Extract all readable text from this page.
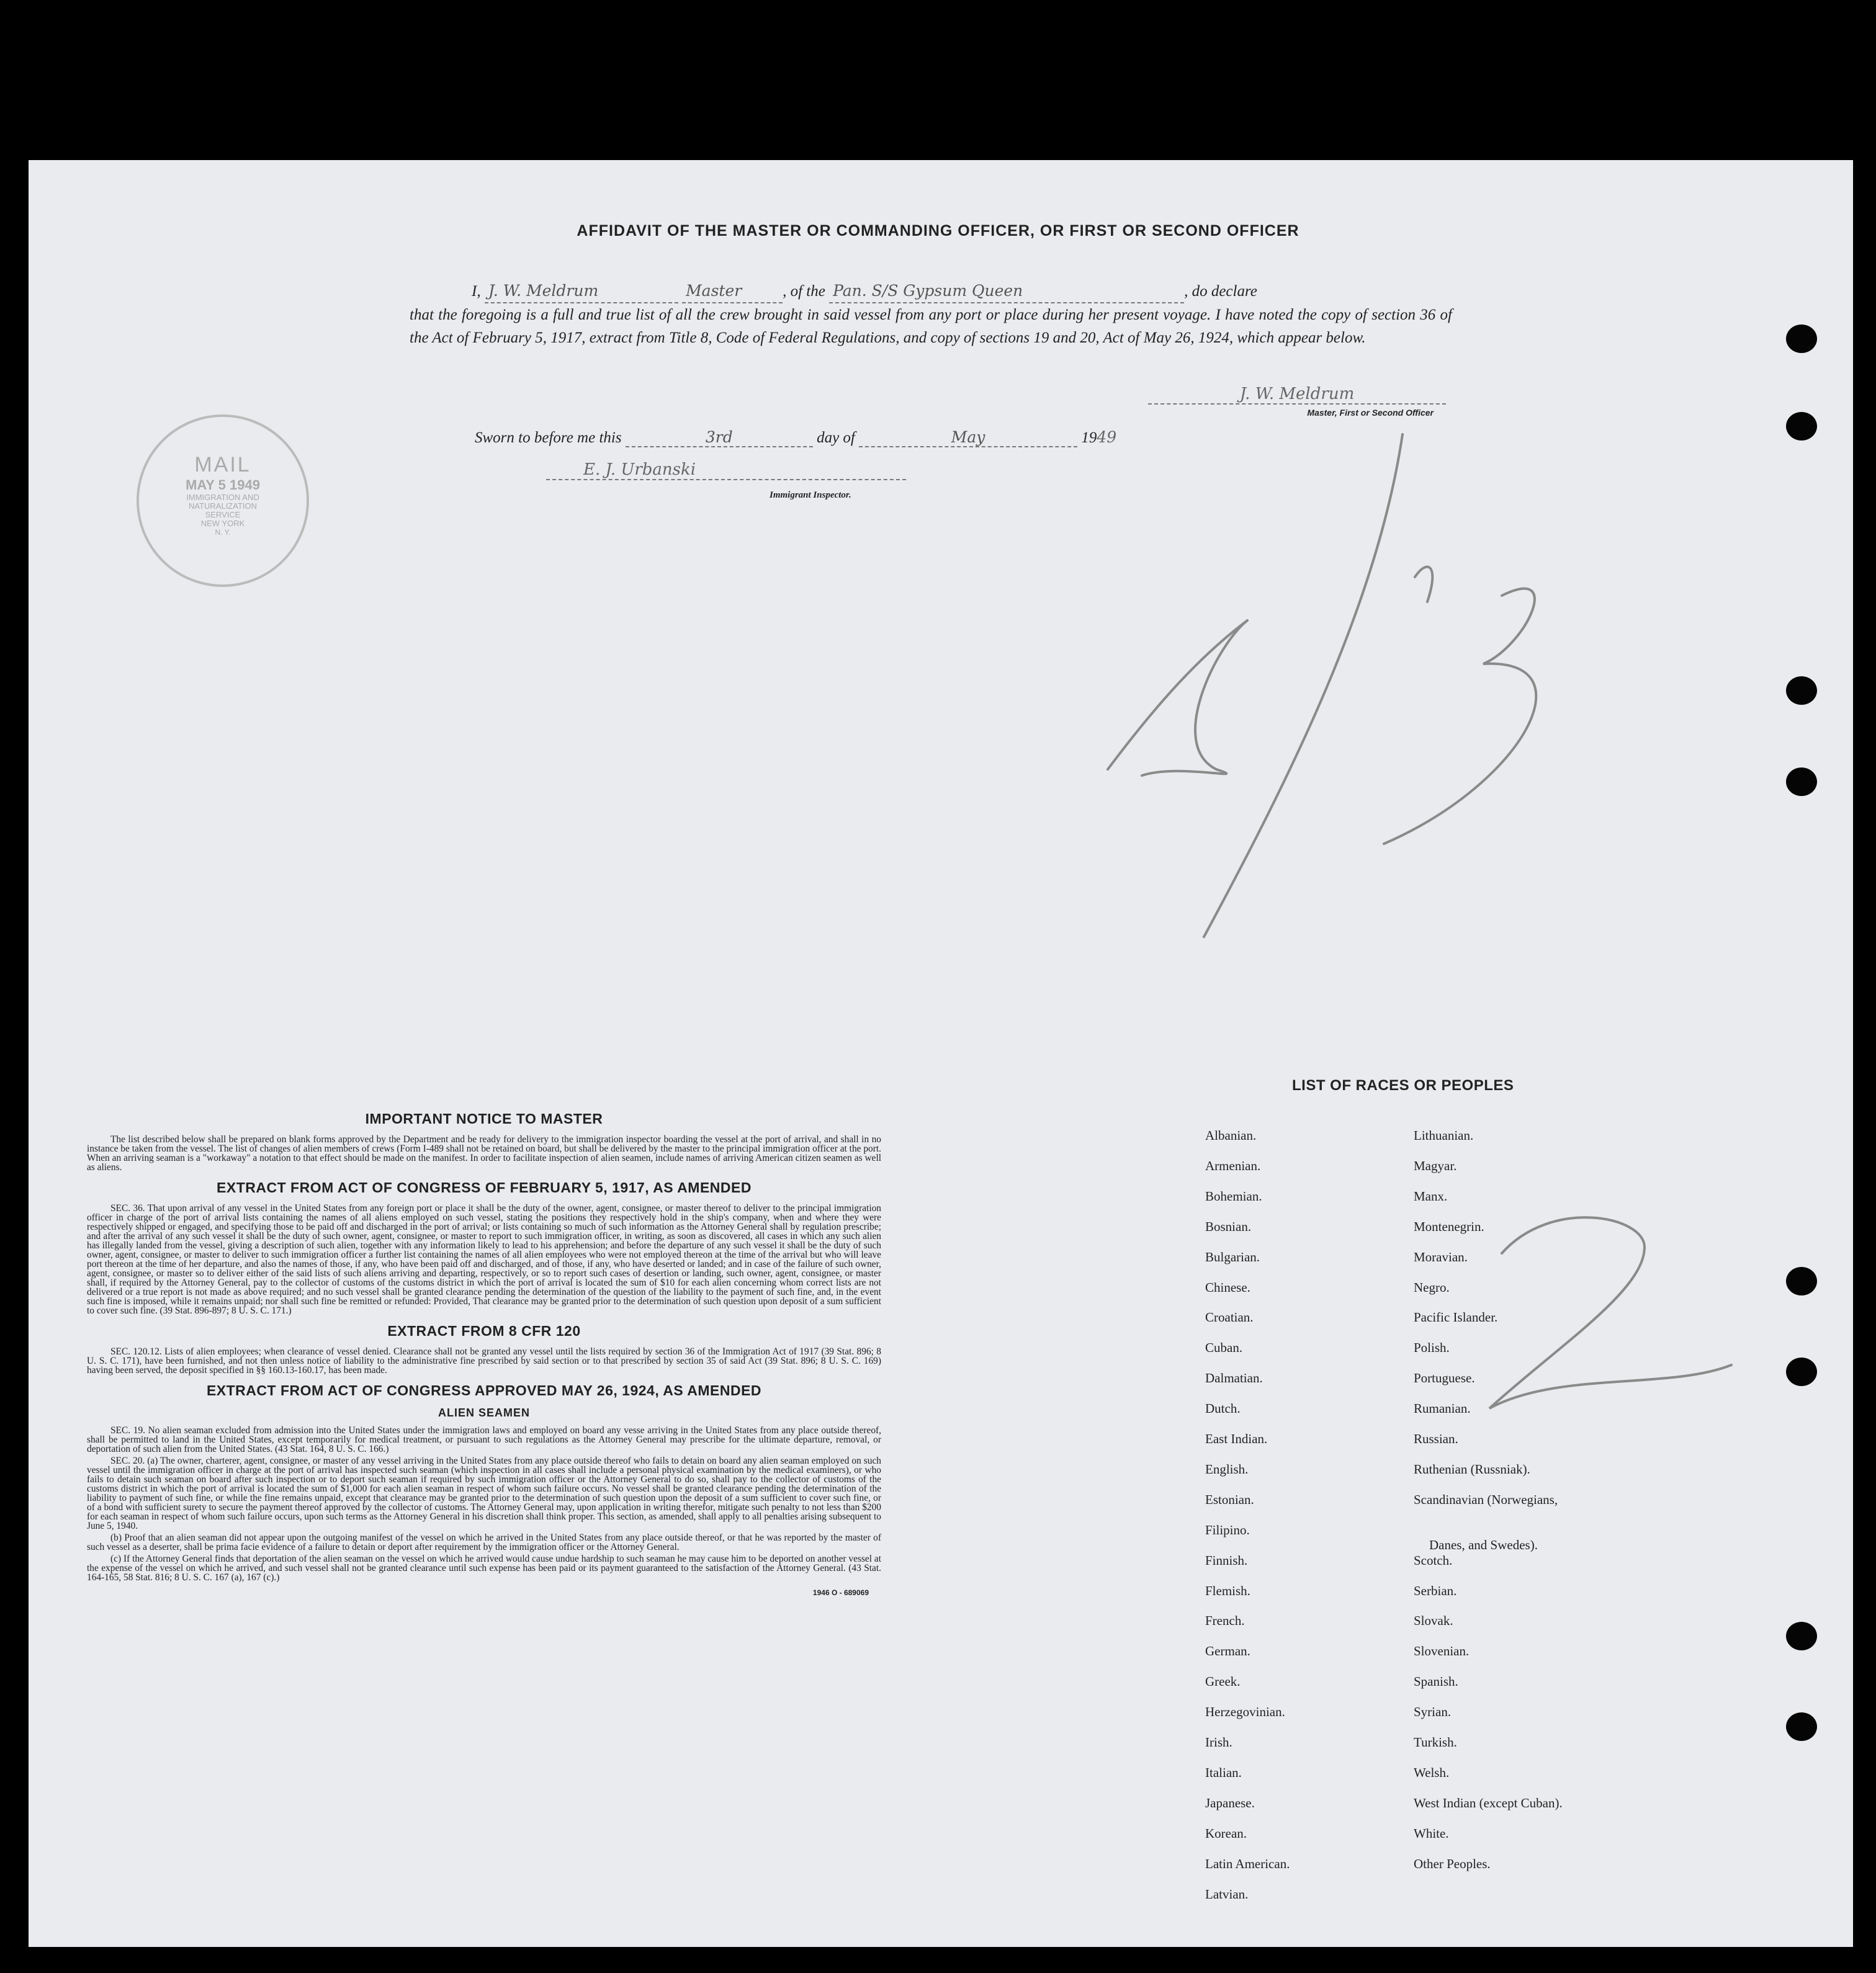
AFFIDAVIT OF THE MASTER OR COMMANDING OFFICER, OR FIRST OR SECOND OFFICER
I, J. W. Meldrum	Master	, of the Pan. S/S Gypsum Queen	, do declare
that the foregoing is a full and true list of all the crew brought in said vessel from any port or place during her present voyage. I have noted the copy of section 36 of the Act of February 5, 1917, extract from Title 8, Code of Federal Regulations, and copy of sections 19 and 20, Act of May 26, 1924, which appear below.
J. W. Meldrum
Master, First or Second Officer
Sworn to before me this	3rd	day of	May	1949
E. J. Urbanski
Immigrant Inspector.
MAIL
MAY 5 1949
IMMIGRATION AND
NATURALIZATION
SERVICE
NEW YORK
N. Y.
IMPORTANT NOTICE TO MASTER

The list described below shall be prepared on blank forms approved by the Department and be ready for delivery to the immigration inspector boarding the vessel at the port of arrival, and shall in no instance be taken from the vessel. The list of changes of alien members of crews (Form I-489 shall not be retained on board, but shall be delivered by the master to the principal immigration officer at the port. When an arriving seaman is a "workaway" a notation to that effect should be made on the manifest. In order to facilitate inspection of alien seamen, include names of arriving American citizen seamen as well as aliens.

EXTRACT FROM ACT OF CONGRESS OF FEBRUARY 5, 1917, AS AMENDED

SEC. 36. That upon arrival of any vessel in the United States from any foreign port or place it shall be the duty of the owner, agent, consignee, or master thereof to deliver to the principal immigration officer in charge of the port of arrival lists containing the names of all aliens employed on such vessel, stating the positions they respectively hold in the ship's company, when and where they were respectively shipped or engaged, and specifying those to be paid off and discharged in the port of arrival; or lists containing so much of such information as the Attorney General shall by regulation prescribe; and after the arrival of any such vessel it shall be the duty of such owner, agent, consignee, or master to report to such immigration officer, in writing, as soon as discovered, all cases in which any such alien has illegally landed from the vessel, giving a description of such alien, together with any information likely to lead to his apprehension; and before the departure of any such vessel it shall be the duty of such owner, agent, consignee, or master to deliver to such immigration officer a further list containing the names of all alien employees who were not employed thereon at the time of the arrival but who will leave port thereon at the time of her departure, and also the names of those, if any, who have been paid off and discharged, and of those, if any, who have deserted or landed; and in case of the failure of such owner, agent, consignee, or master so to deliver either of the said lists of such aliens arriving and departing, respectively, or so to report such cases of desertion or landing, such owner, agent, consignee, or master shall, if required by the Attorney General, pay to the collector of customs of the customs district in which the port of arrival is located the sum of $10 for each alien concerning whom correct lists are not delivered or a true report is not made as above required; and no such vessel shall be granted clearance pending the determination of the question of the liability to the payment of such fine, and, in the event such fine is imposed, while it remains unpaid; nor shall such fine be remitted or refunded: Provided, That clearance may be granted prior to the determination of such question upon deposit of a sum sufficient to cover such fine. (39 Stat. 896-897; 8 U. S. C. 171.)

EXTRACT FROM 8 CFR 120

SEC. 120.12. Lists of alien employees; when clearance of vessel denied. Clearance shall not be granted any vessel until the lists required by section 36 of the Immigration Act of 1917 (39 Stat. 896; 8 U. S. C. 171), have been furnished, and not then unless notice of liability to the administrative fine prescribed by said section or to that prescribed by section 35 of said Act (39 Stat. 896; 8 U. S. C. 169) having been served, the deposit specified in §§ 160.13-160.17, has been made.

EXTRACT FROM ACT OF CONGRESS APPROVED MAY 26, 1924, AS AMENDED
ALIEN SEAMEN

SEC. 19. No alien seaman excluded from admission into the United States under the immigration laws and employed on board any vesse arriving in the United States from any place outside thereof, shall be permitted to land in the United States, except temporarily for medical treatment, or pursuant to such regulations as the Attorney General may prescribe for the ultimate departure, removal, or deportation of such alien from the United States. (43 Stat. 164, 8 U. S. C. 166.)

SEC. 20. (a) The owner, charterer, agent, consignee, or master of any vessel arriving in the United States from any place outside thereof who fails to detain on board any alien seaman employed on such vessel until the immigration officer in charge at the port of arrival has inspected such seaman (which inspection in all cases shall include a personal physical examination by the medical examiners), or who fails to detain such seaman on board after such inspection or to deport such seaman if required by such immigration officer or the Attorney General to do so, shall pay to the collector of customs of the customs district in which the port of arrival is located the sum of $1,000 for each alien seaman in respect of whom such failure occurs. No vessel shall be granted clearance pending the determination of the liability to payment of such fine, or while the fine remains unpaid, except that clearance may be granted prior to the determination of such question upon the deposit of a sum sufficient to cover such fine, or of a bond with sufficient surety to secure the payment thereof approved by the collector of customs. The Attorney General may, upon application in writing therefor, mitigate such penalty to not less than $200 for each seaman in respect of whom such failure occurs, upon such terms as the Attorney General in his discretion shall think proper. This section, as amended, shall apply to all penalties arising subsequent to June 5, 1940.

(b) Proof that an alien seaman did not appear upon the outgoing manifest of the vessel on which he arrived in the United States from any place outside thereof, or that he was reported by the master of such vessel as a deserter, shall be prima facie evidence of a failure to detain or deport after requirement by the immigration officer or the Attorney General.

(c) If the Attorney General finds that deportation of the alien seaman on the vessel on which he arrived would cause undue hardship to such seaman he may cause him to be deported on another vessel at the expense of the vessel on which he arrived, and such vessel shall not be granted clearance until such expense has been paid or its payment guaranteed to the satisfaction of the Attorney General. (43 Stat. 164-165, 58 Stat. 816; 8 U. S. C. 167 (a), 167 (c).)

1946 O - 689069
LIST OF RACES OR PEOPLES
Albanian.
Armenian.
Bohemian.
Bosnian.
Bulgarian.
Chinese.
Croatian.
Cuban.
Dalmatian.
Dutch.
East Indian.
English.
Estonian.
Filipino.
Finnish.
Flemish.
French.
German.
Greek.
Herzegovinian.
Irish.
Italian.
Japanese.
Korean.
Latin American.
Latvian.
Lithuanian.
Magyar.
Manx.
Montenegrin.
Moravian.
Negro.
Pacific Islander.
Polish.
Portuguese.
Rumanian.
Russian.
Ruthenian (Russniak).
Scandinavian (Norwegians,
Danes, and Swedes).
Scotch.
Serbian.
Slovak.
Slovenian.
Spanish.
Syrian.
Turkish.
Welsh.
West Indian (except Cuban).
White.
Other Peoples.
